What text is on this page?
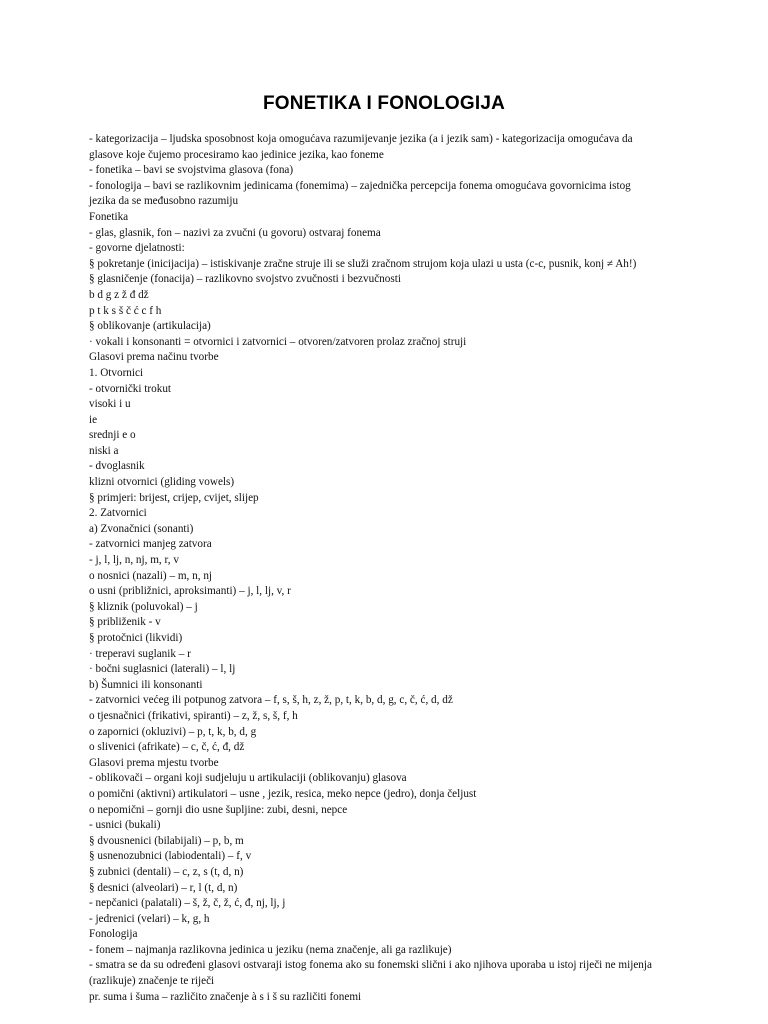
FONETIKA I FONOLOGIJA
- kategorizacija – ljudska sposobnost koja omogućava razumijevanje jezika (a i jezik sam) - kategorizacija omogućava da
glasove koje čujemo procesiramo kao jedinice jezika, kao foneme
- fonetika – bavi se svojstvima glasova (fona)
- fonologija – bavi se razlikovnim jedinicama (fonemima) – zajednička percepcija fonema omogućava govornicima istog
jezika da se međusobno razumiju
Fonetika
- glas, glasnik, fon – nazivi za zvučni (u govoru) ostvaraj fonema
- govorne djelatnosti:
§ pokretanje (inicijacija) – istiskivanje zračne struje ili se služi zračnom strujom koja ulazi u usta (c-c, pusnik, konj ≠ Ah!)
§ glasničenje (fonacija) – razlikovno svojstvo zvučnosti i bezvučnosti
b d g z ž đ dž
p t k s š č ć c f h
§ oblikovanje (artikulacija)
· vokali i konsonanti = otvornici i zatvornici – otvoren/zatvoren prolaz zračnoj struji
Glasovi prema načinu tvorbe
1. Otvornici
- otvornički trokut
visoki i u
ie
srednji e o
niski a
- dvoglasnik
klizni otvornici (gliding vowels)
§ primjeri: brijest, crijep, cvijet, slijep
2. Zatvornici
a) Zvonačnici (sonanti)
- zatvornici manjeg zatvora
- j, l, lj, n, nj, m, r, v
o nosnici (nazali) – m, n, nj
o usni (približnici, aproksimanti) – j, l, lj, v, r
§ kliznik (poluvokal) – j
§ približenik - v
§ protočnici (likvidi)
· treperavi suglanik – r
· bočni suglasnici (laterali) – l, lj
b) Šumnici ili konsonanti
- zatvornici većeg ili potpunog zatvora – f, s, š, h, z, ž, p, t, k, b, d, g, c, č, ć, d, dž
o tjesnačnici (frikativi, spiranti) – z, ž, s, š, f, h
o zapornici (okluzivi) – p, t, k, b, d, g
o slivenici (afrikate) – c, č, ć, đ, dž
Glasovi prema mjestu tvorbe
- oblikovači – organi koji sudjeluju u artikulaciji (oblikovanju) glasova
o pomični (aktivni) artikulatori – usne , jezik, resica, meko nepce (jedro), donja čeljust
o nepomični – gornji dio usne šupljine: zubi, desni, nepce
- usnici (bukali)
§ dvousnenici (bilabijali) – p, b, m
§ usnenozubnici (labiodentali) – f, v
§ zubnici (dentali) – c, z, s (t, d, n)
§ desnici (alveolari) – r, l (t, d, n)
- nepčanici (palatali) – š, ž, č, ž, ć, đ, nj, lj, j
- jedrenici (velari) – k, g, h
Fonologija
- fonem – najmanja razlikovna jedinica u jeziku (nema značenje, ali ga razlikuje)
- smatra se da su određeni glasovi ostvaraji istog fonema ako su fonemski slični i ako njihova uporaba u istoj riječi ne mijenja
(razlikuje) značenje te riječi
pr. suma i šuma – različito značenje à s i š su različiti fonemi
